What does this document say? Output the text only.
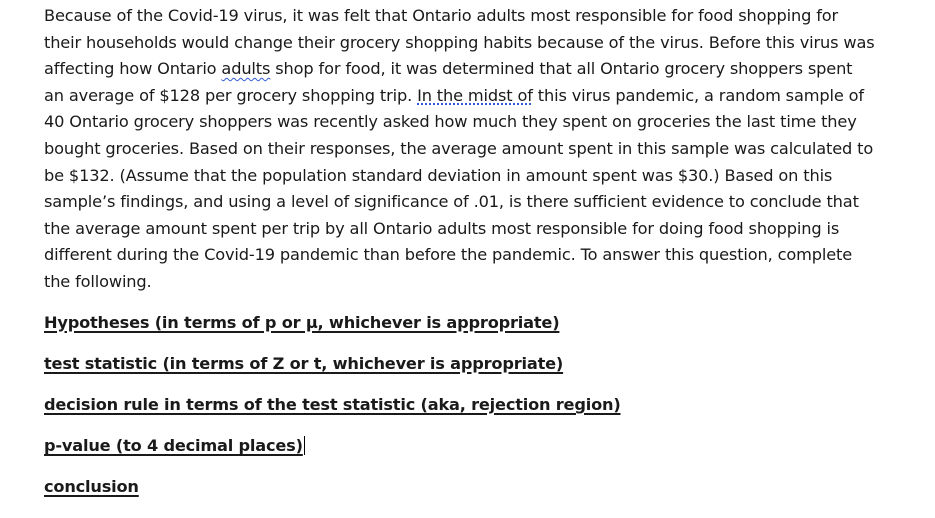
Because of the Covid-19 virus, it was felt that Ontario adults most responsible for food shopping for
their households would change their grocery shopping habits because of the virus. Before this virus was
affecting how Ontario adults shop for food, it was determined that all Ontario grocery shoppers spent
an average of $128 per grocery shopping trip. In the midst of this virus pandemic, a random sample of
40 Ontario grocery shoppers was recently asked how much they spent on groceries the last time they
bought groceries. Based on their responses, the average amount spent in this sample was calculated to
be $132. (Assume that the population standard deviation in amount spent was $30.) Based on this
sample’s findings, and using a level of significance of .01, is there sufficient evidence to conclude that
the average amount spent per trip by all Ontario adults most responsible for doing food shopping is
different during the Covid-19 pandemic than before the pandemic. To answer this question, complete
the following.

Hypotheses (in terms of p or μ, whichever is appropriate)
test statistic (in terms of Z or t, whichever is appropriate)
decision rule in terms of the test statistic (aka, rejection region)
p-value (to 4 decimal places)
conclusion
